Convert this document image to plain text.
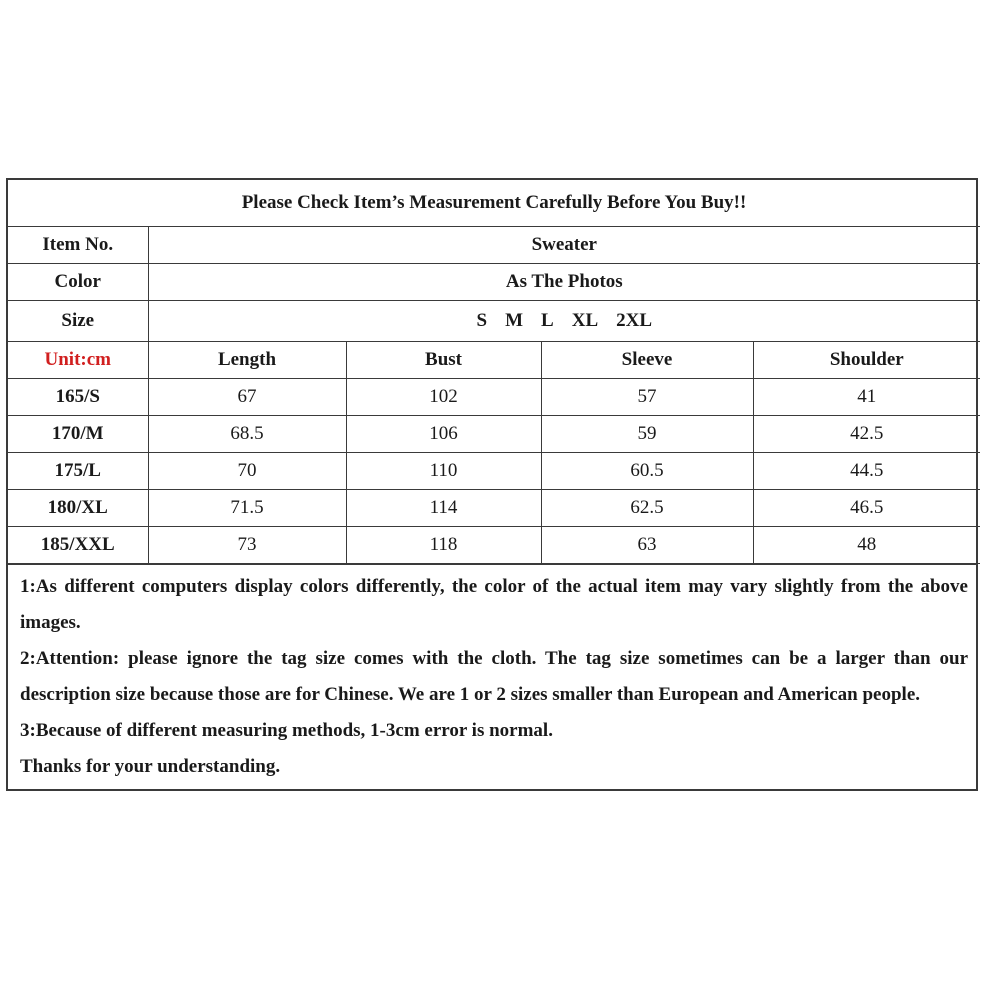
Please Check Item’s Measurement Carefully Before You Buy!!				
Item No.	Sweater			
Color	As The Photos			
Size	S M L XL 2XL			
Unit:cm	Length	Bust	Sleeve	Shoulder
165/S	67	102	57	41
170/M	68.5	106	59	42.5
175/L	70	110	60.5	44.5
180/XL	71.5	114	62.5	46.5
185/XXL	73	118	63	48

1:As different computers display colors differently, the color of the actual item may vary slightly from the above images.

2:Attention: please ignore the tag size comes with the cloth. The tag size sometimes can be a larger than our description size because those are for Chinese. We are 1 or 2 sizes smaller than European and American people.

3:Because of different measuring methods, 1-3cm error is normal.

Thanks for your understanding.
